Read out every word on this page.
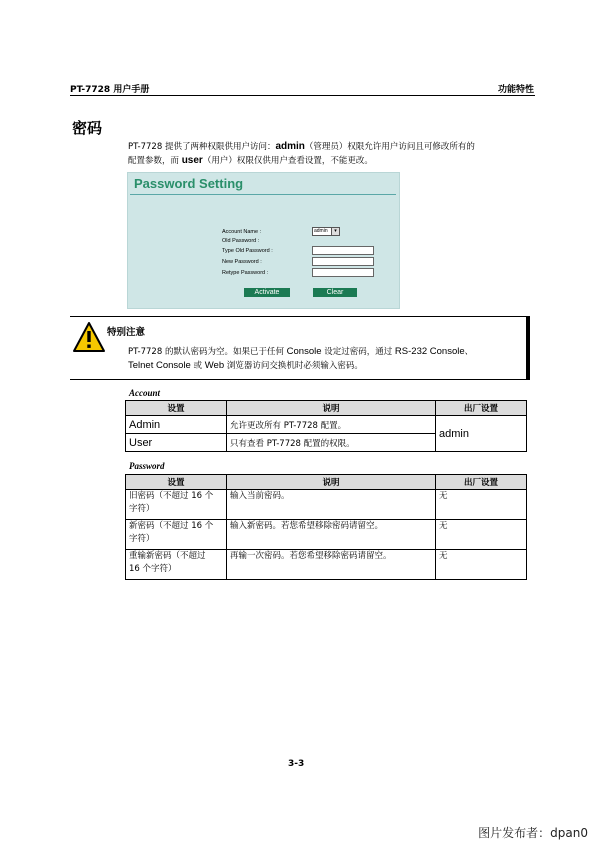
PT-7728 用户手册	功能特性
密码
PT-7728 提供了两种权限供用户访问：admin（管理员）权限允许用户访问且可修改所有的
配置参数，而 user（用户）权限仅供用户查看设置，不能更改。
Password Setting
Account Name :
Old Password :
Type Old Password :
New Password :
Retype Password :
admin	▾
Activate	Clear
特别注意
PT-7728 的默认密码为空。如果已于任何 Console 设定过密码，通过 RS-232 Console、
Telnet Console 或 Web 浏览器访问交换机时必须输入密码。
Account
设置	说明	出厂设置
Admin	允许更改所有 PT-7728 配置。	admin
User	只有查看 PT-7728 配置的权限。	
Password
设置	说明	出厂设置
旧密码（不超过 16 个
字符）	输入当前密码。	无
新密码（不超过 16 个
字符）	输入新密码。若您希望移除密码请留空。	无
重输新密码（不超过
16 个字符）	再输一次密码。若您希望移除密码请留空。	无
3-3
图片发布者：dpan0
